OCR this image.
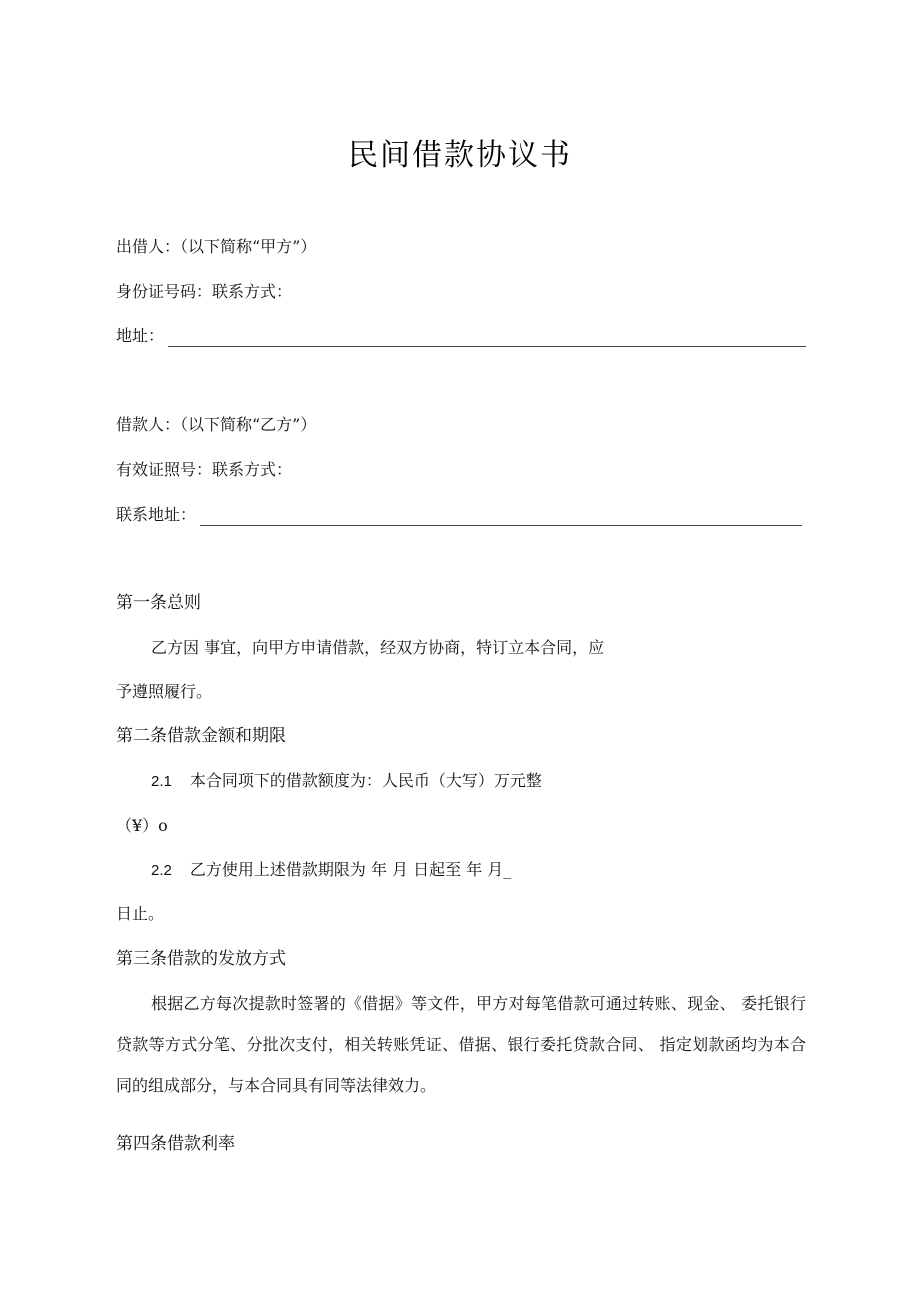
民间借款协议书
出借人：（以下简称“甲方”）
身份证号码：联系方式：
地址：
借款人：（以下简称“乙方”）
有效证照号：联系方式：
联系地址：
第一条总则
乙方因 事宜，向甲方申请借款，经双方协商，特订立本合同，应
予遵照履行。
第二条借款金额和期限
2.1 本合同项下的借款额度为：人民币（大写）万元整
（¥）o
2.2 乙方使用上述借款期限为 年 月 日起至 年 月_
日止。
第三条借款的发放方式
根据乙方每次提款时签署的《借据》等文件，甲方对每笔借款可通过转账、现金、 委托银行贷款等方式分笔、分批次支付，相关转账凭证、借据、银行委托贷款合同、 指定划款函均为本合同的组成部分，与本合同具有同等法律效力。
第四条借款利率
